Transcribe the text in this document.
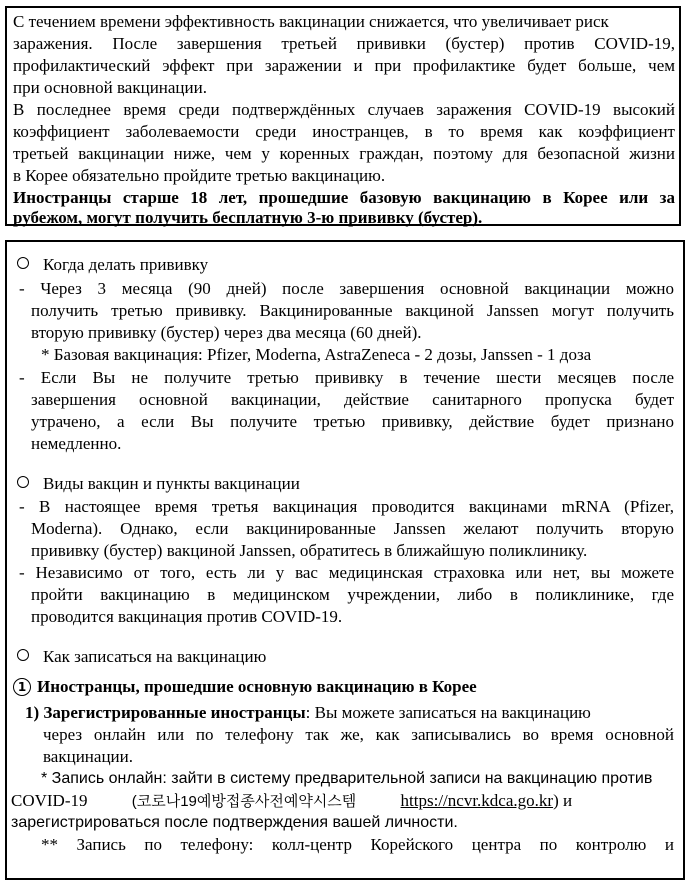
С течением времени эффективность вакцинации снижается, что увеличивает риск
заражения. После завершения третьей прививки (бустер) против COVID-19,
профилактический эффект при заражении и при профилактике будет больше, чем
при основной вакцинации.
В последнее время среди подтверждённых случаев заражения COVID-19 высокий
коэффициент заболеваемости среди иностранцев, в то время как коэффициент
третьей вакцинации ниже, чем у коренных граждан, поэтому для безопасной жизни
в Корее обязательно пройдите третью вакцинацию.
Иностранцы старше 18 лет, прошедшие базовую вакцинацию в Корее или за
рубежом, могут получить бесплатную 3-ю прививку (бустер).
Когда делать прививку
- Через 3 месяца (90 дней) после завершения основной вакцинации можно
получить третью прививку. Вакцинированные вакциной Janssen могут получить
вторую прививку (бустер) через два месяца (60 дней).
* Базовая вакцинация: Pfizer, Moderna, AstraZeneca - 2 дозы, Janssen - 1 доза
- Если Вы не получите третью прививку в течение шести месяцев после
завершения основной вакцинации, действие санитарного пропуска будет
утрачено, а если Вы получите третью прививку, действие будет признано
немедленно.
Виды вакцин и пункты вакцинации
- В настоящее время третья вакцинация проводится вакцинами mRNA (Pfizer,
Moderna). Однако, если вакцинированные Janssen желают получить вторую
прививку (бустер) вакциной Janssen, обратитесь в ближайшую поликлинику.
- Независимо от того, есть ли у вас медицинская страховка или нет, вы можете
пройти вакцинацию в медицинском учреждении, либо в поликлинике, где
проводится вакцинация против COVID-19.
Как записаться на вакцинацию
1 Иностранцы, прошедшие основную вакцинацию в Корее
1) Зарегистрированные иностранцы: Вы можете записаться на вакцинацию
через онлайн или по телефону так же, как записывались во время основной
вакцинации.
* Запись онлайн: зайти в систему предварительной записи на вакцинацию против
COVID-19	(코로나19예방접종사전예약시스템	https://ncvr.kdca.go.kr) и
зарегистрироваться после подтверждения вашей личности.
** Запись по телефону: колл-центр Корейского центра по контролю и
